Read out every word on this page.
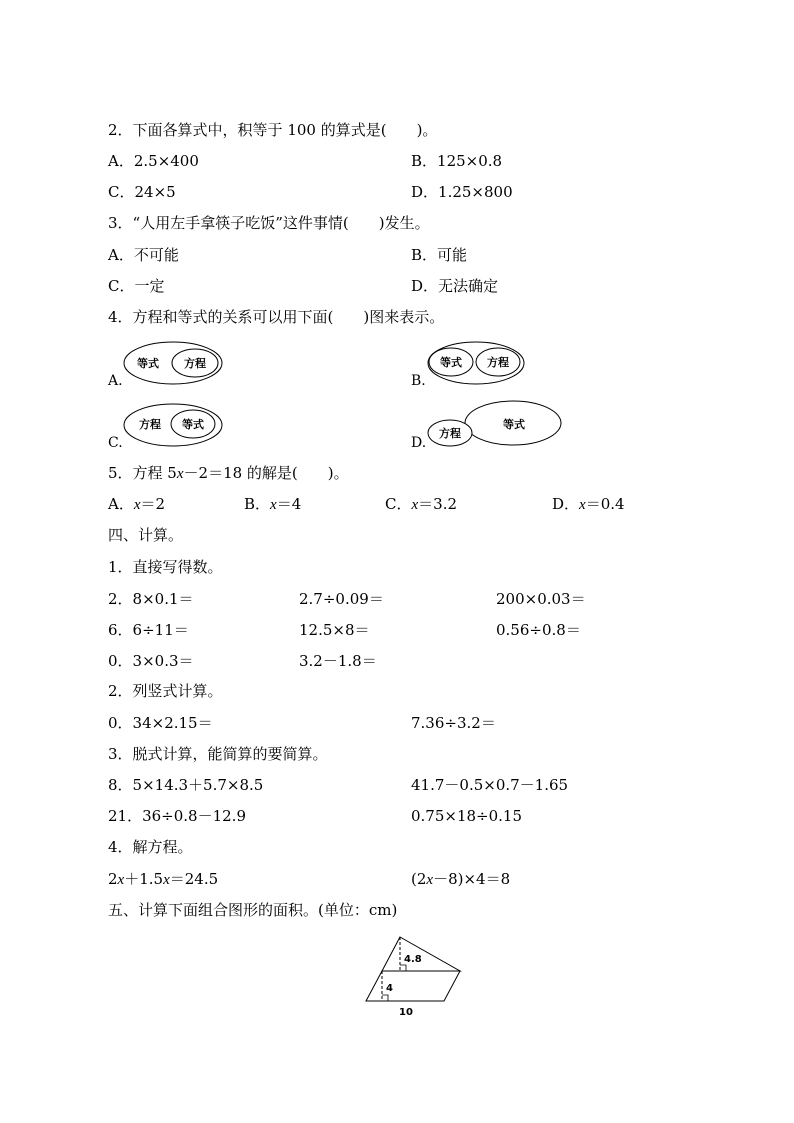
2．下面各算式中，积等于 100 的算式是(　　)。
A．2.5×400	B．125×0.8
C．24×5	D．1.25×800
3．“人用左手拿筷子吃饭”这件事情(　　)发生。
A．不可能	B．可能
C．一定	D．无法确定
4．方程和等式的关系可以用下面(　　)图来表示。
A.
等式 方程
B.
等式 方程
C.
方程 等式
D.
方程
等式
5．方程 5x－2＝18 的解是(　　)。
A．x＝2	B．x＝4	C．x＝3.2	D．x＝0.4
四、计算。
1．直接写得数。
2．8×0.1＝	2.7÷0.09＝	200×0.03＝
6．6÷11＝	12.5×8＝	0.56÷0.8＝
0．3×0.3＝	3.2－1.8＝
2．列竖式计算。
0．34×2.15＝	7.36÷3.2＝
3．脱式计算，能简算的要简算。
8．5×14.3＋5.7×8.5	41.7－0.5×0.7－1.65
21．36÷0.8－12.9	0.75×18÷0.15
4．解方程。
2x＋1.5x＝24.5	(2x－8)×4＝8
五、计算下面组合图形的面积。(单位：cm)
4.8
4
10
